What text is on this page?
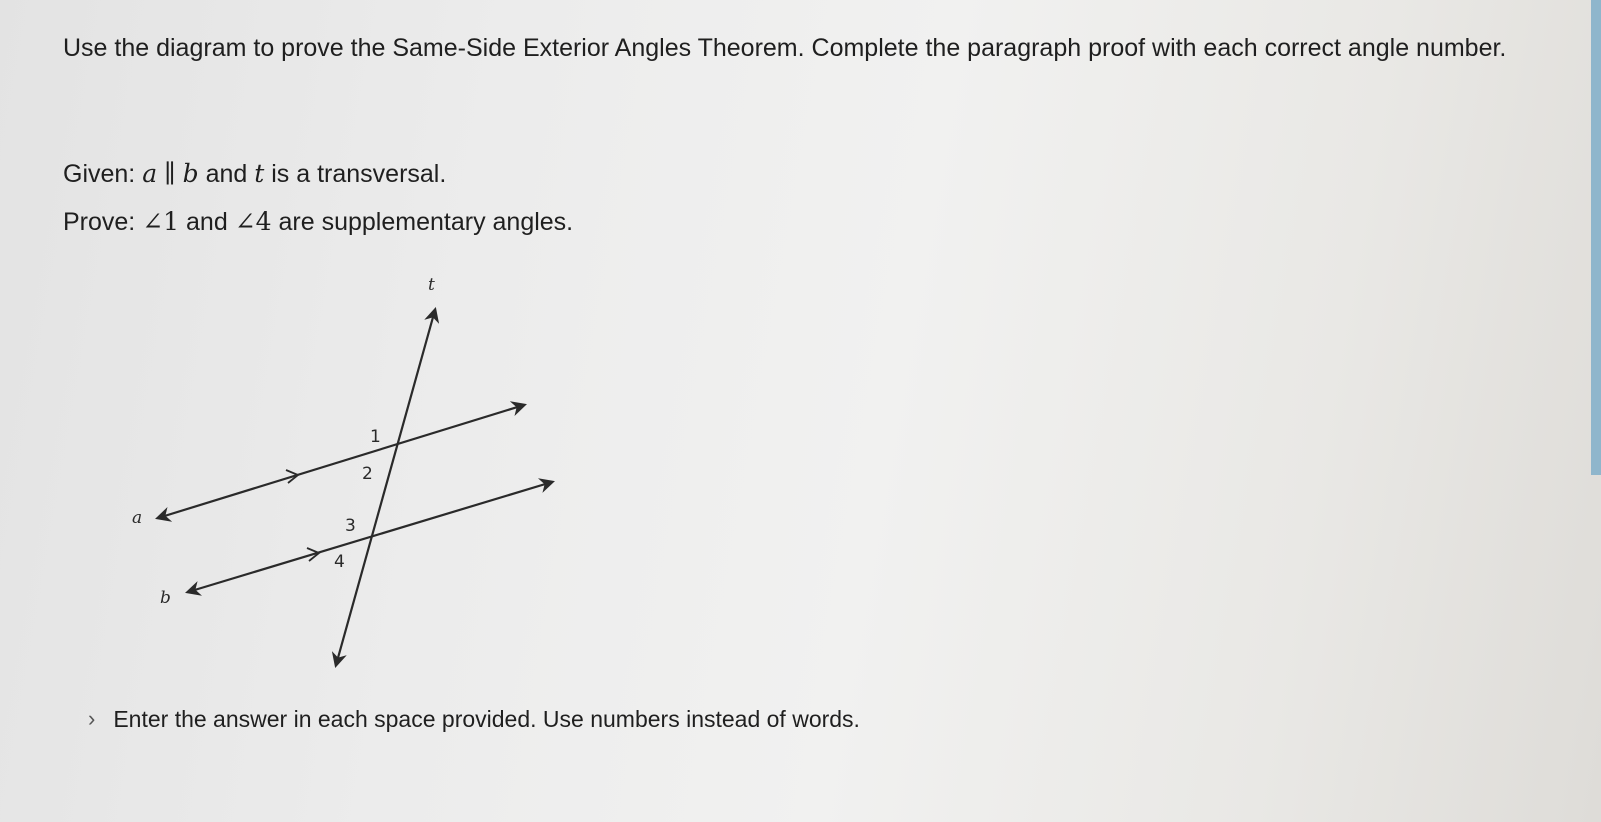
Use the diagram to prove the Same-Side Exterior Angles Theorem. Complete the paragraph proof with each correct angle number.

Given: a ∥ b and t is a transversal.

Prove: ∠1 and ∠4 are supplementary angles.

t
a
b
1
2
3
4
› Enter the answer in each space provided. Use numbers instead of words.
